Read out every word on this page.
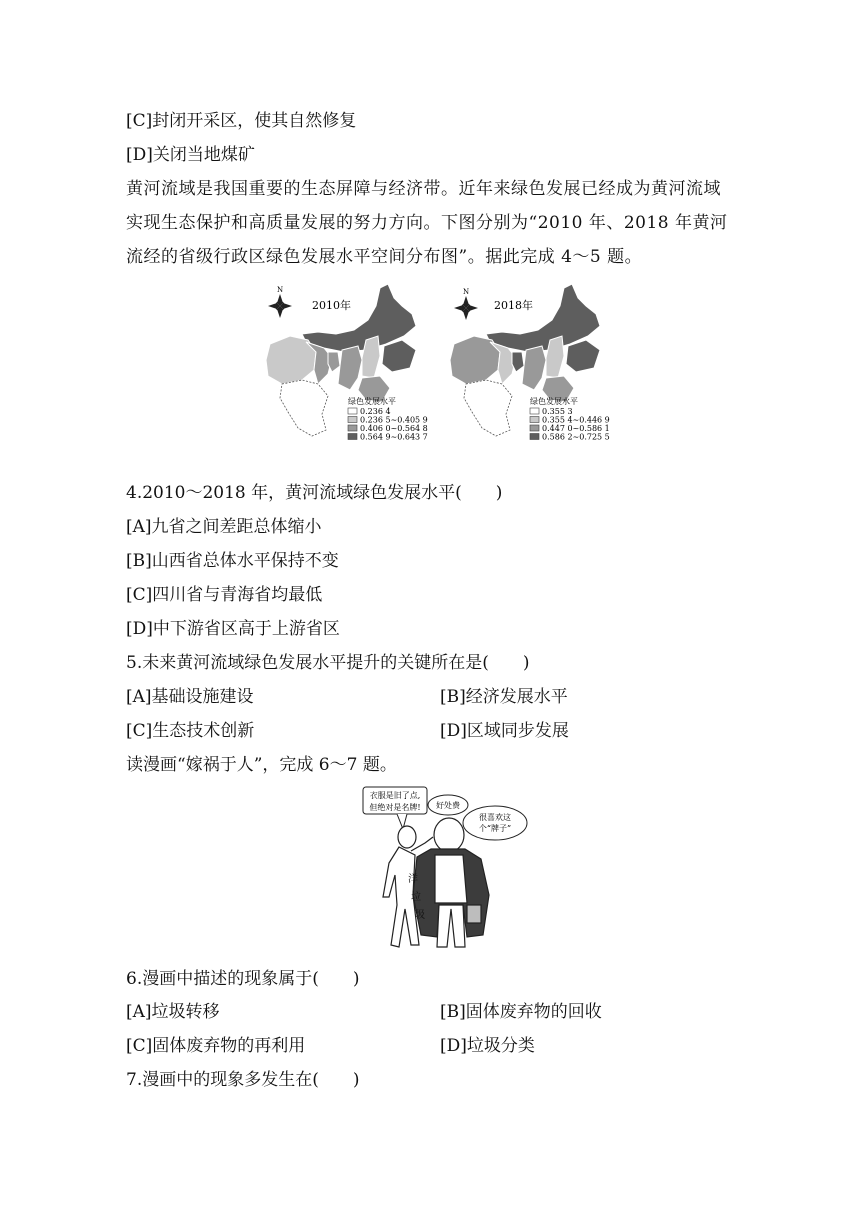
[C]封闭开采区，使其自然修复
[D]关闭当地煤矿
黄河流域是我国重要的生态屏障与经济带。近年来绿色发展已经成为黄河流域实现生态保护和高质量发展的努力方向。下图分别为“2010 年、2018 年黄河流经的省级行政区绿色发展水平空间分布图”。据此完成 4～5 题。
N
2010年
绿色发展水平
0.236 4
0.236 5~0.405 9
0.406 0~0.564 8
0.564 9~0.643 7
N
2018年
绿色发展水平
0.355 3
0.355 4~0.446 9
0.447 0~0.586 1
0.586 2~0.725 5
4.2010～2018 年，黄河流域绿色发展水平(　　)
[A]九省之间差距总体缩小
[B]山西省总体水平保持不变
[C]四川省与青海省均最低
[D]中下游省区高于上游省区
5.未来黄河流域绿色发展水平提升的关键所在是(　　)
[A]基础设施建设	[B]经济发展水平
[C]生态技术创新	[D]区域同步发展
读漫画“嫁祸于人”，完成 6～7 题。
衣服是旧了点,
但绝对是名牌! 好处费
很喜欢这
个“牌子”
洋
垃
圾
6.漫画中描述的现象属于(　　)
[A]垃圾转移	[B]固体废弃物的回收
[C]固体废弃物的再利用	[D]垃圾分类
7.漫画中的现象多发生在(　　)
